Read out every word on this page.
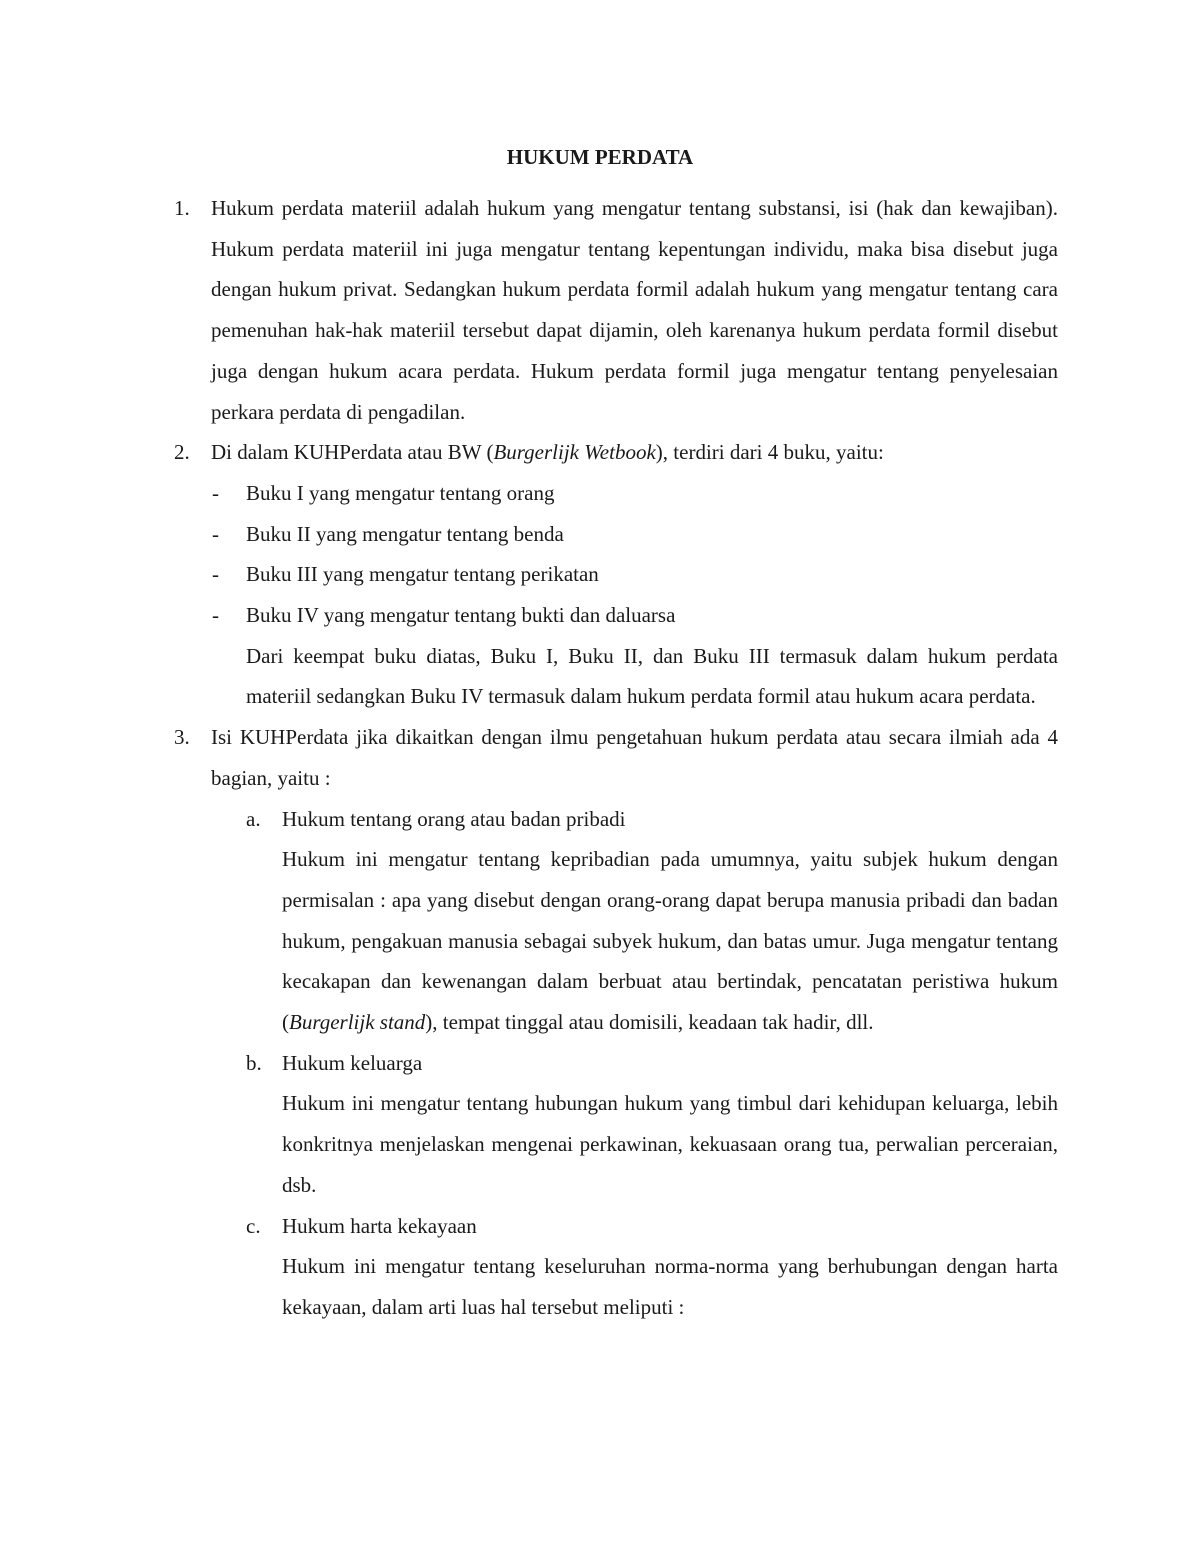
HUKUM PERDATA
1. Hukum perdata materiil adalah hukum yang mengatur tentang substansi, isi (hak dan kewajiban). Hukum perdata materiil ini juga mengatur tentang kepentungan individu, maka bisa disebut juga dengan hukum privat. Sedangkan hukum perdata formil adalah hukum yang mengatur tentang cara pemenuhan hak-hak materiil tersebut dapat dijamin, oleh karenanya hukum perdata formil disebut juga dengan hukum acara perdata. Hukum perdata formil juga mengatur tentang penyelesaian perkara perdata di pengadilan.

2. Di dalam KUHPerdata atau BW (Burgerlijk Wetbook), terdiri dari 4 buku, yaitu:

- Buku I yang mengatur tentang orang

- Buku II yang mengatur tentang benda

- Buku III yang mengatur tentang perikatan

- Buku IV yang mengatur tentang bukti dan daluarsa

Dari keempat buku diatas, Buku I, Buku II, dan Buku III termasuk dalam hukum perdata materiil sedangkan Buku IV termasuk dalam hukum perdata formil atau hukum acara perdata.

3. Isi KUHPerdata jika dikaitkan dengan ilmu pengetahuan hukum perdata atau secara ilmiah ada 4 bagian, yaitu :

a. Hukum tentang orang atau badan pribadi

Hukum ini mengatur tentang kepribadian pada umumnya, yaitu subjek hukum dengan permisalan : apa yang disebut dengan orang-orang dapat berupa manusia pribadi dan badan hukum, pengakuan manusia sebagai subyek hukum, dan batas umur. Juga mengatur tentang kecakapan dan kewenangan dalam berbuat atau bertindak, pencatatan peristiwa hukum (Burgerlijk stand), tempat tinggal atau domisili, keadaan tak hadir, dll.

b. Hukum keluarga

Hukum ini mengatur tentang hubungan hukum yang timbul dari kehidupan keluarga, lebih konkritnya menjelaskan mengenai perkawinan, kekuasaan orang tua, perwalian perceraian, dsb.

c. Hukum harta kekayaan

Hukum ini mengatur tentang keseluruhan norma-norma yang berhubungan dengan harta kekayaan, dalam arti luas hal tersebut meliputi :
